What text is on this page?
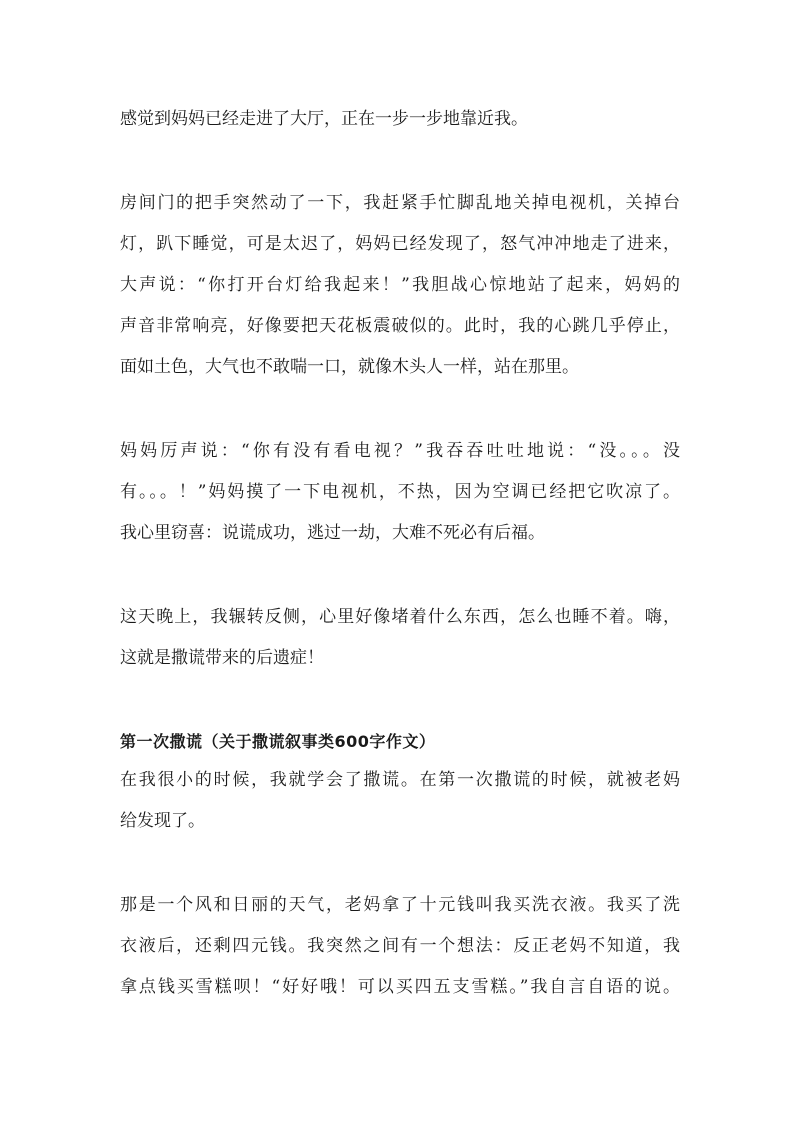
感觉到妈妈已经走进了大厅，正在一步一步地靠近我。
房间门的把手突然动了一下，我赶紧手忙脚乱地关掉电视机，关掉台
灯，趴下睡觉，可是太迟了，妈妈已经发现了，怒气冲冲地走了进来，
大声说：“你打开台灯给我起来！”我胆战心惊地站了起来，妈妈的
声音非常响亮，好像要把天花板震破似的。此时，我的心跳几乎停止，
面如土色，大气也不敢喘一口，就像木头人一样，站在那里。
妈妈厉声说：“你有没有看电视？”我吞吞吐吐地说：“没。。。没
有。。。！”妈妈摸了一下电视机，不热，因为空调已经把它吹凉了。
我心里窃喜：说谎成功，逃过一劫，大难不死必有后福。
这天晚上，我辗转反侧，心里好像堵着什么东西，怎么也睡不着。嗨，
这就是撒谎带来的后遗症！
第一次撒谎（关于撒谎叙事类600字作文）
在我很小的时候，我就学会了撒谎。在第一次撒谎的时候，就被老妈
给发现了。
那是一个风和日丽的天气，老妈拿了十元钱叫我买洗衣液。我买了洗
衣液后，还剩四元钱。我突然之间有一个想法：反正老妈不知道，我
拿点钱买雪糕呗！“好好哦！可以买四五支雪糕。”我自言自语的说。
